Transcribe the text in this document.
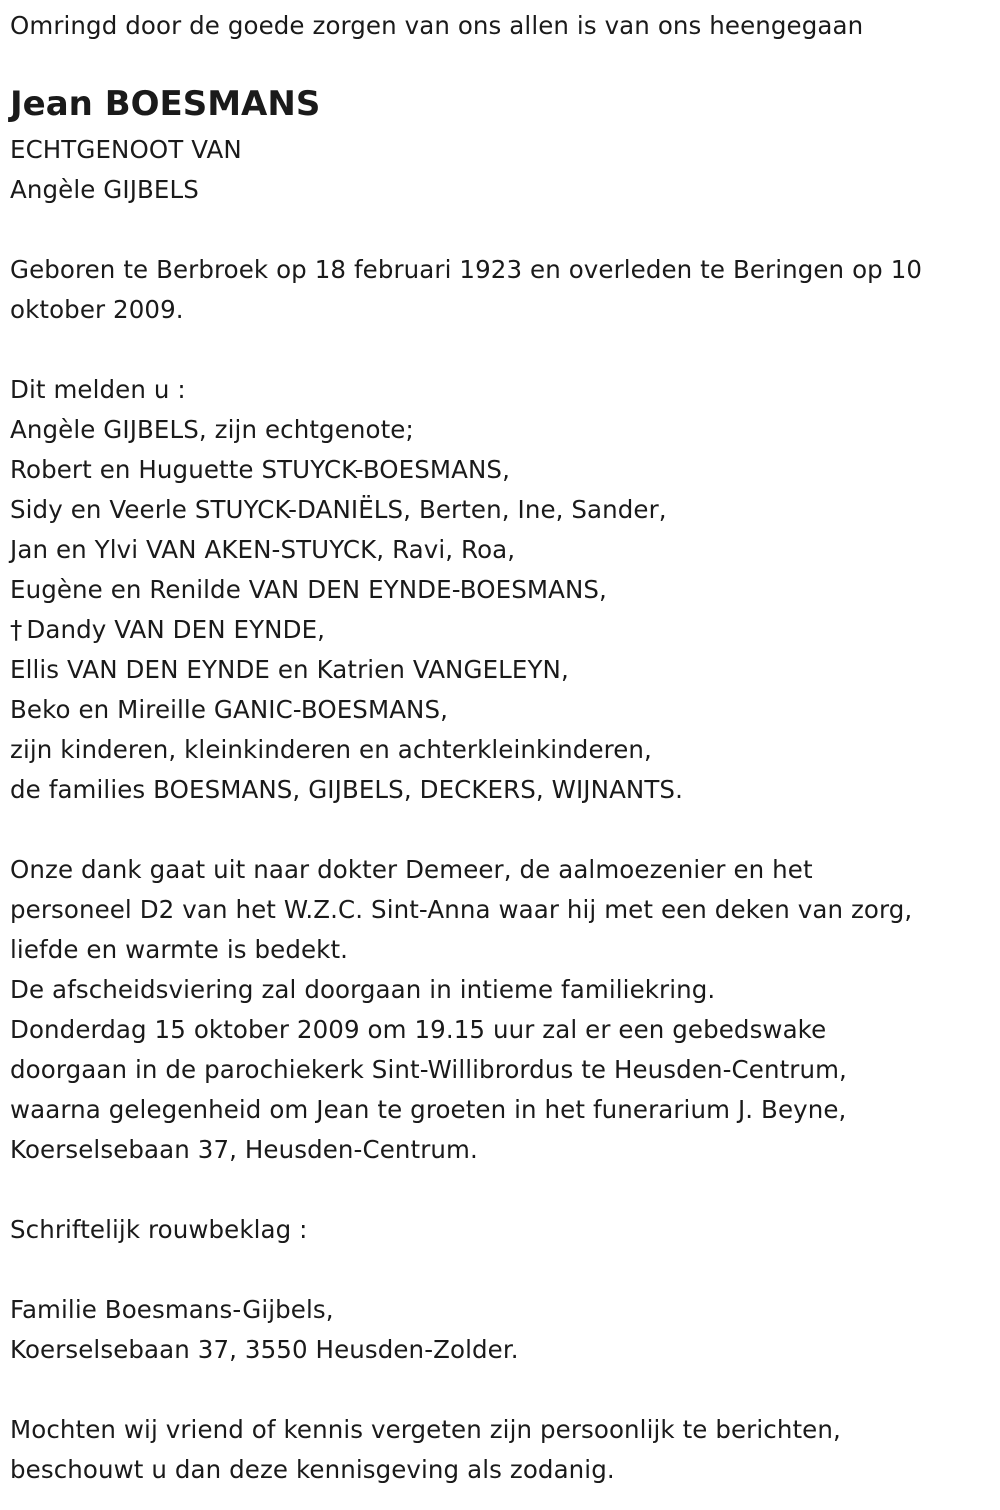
Omringd door de goede zorgen van ons allen is van ons heengegaan
Jean BOESMANS
ECHTGENOOT VAN
Angèle GIJBELS
Geboren te Berbroek op 18 februari 1923 en overleden te Beringen op 10
oktober 2009.
Dit melden u :
Angèle GIJBELS, zijn echtgenote;
Robert en Huguette STUYCK-BOESMANS,
Sidy en Veerle STUYCK-DANIËLS, Berten, Ine, Sander,
Jan en Ylvi VAN AKEN-STUYCK, Ravi, Roa,
Eugène en Renilde VAN DEN EYNDE-BOESMANS,
† Dandy VAN DEN EYNDE,
Ellis VAN DEN EYNDE en Katrien VANGELEYN,
Beko en Mireille GANIC-BOESMANS,
zijn kinderen, kleinkinderen en achterkleinkinderen,
de families BOESMANS, GIJBELS, DECKERS, WIJNANTS.
Onze dank gaat uit naar dokter Demeer, de aalmoezenier en het
personeel D2 van het W.Z.C. Sint-Anna waar hij met een deken van zorg,
liefde en warmte is bedekt.
De afscheidsviering zal doorgaan in intieme familiekring.
Donderdag 15 oktober 2009 om 19.15 uur zal er een gebedswake
doorgaan in de parochiekerk Sint-Willibrordus te Heusden-Centrum,
waarna gelegenheid om Jean te groeten in het funerarium J. Beyne,
Koerselsebaan 37, Heusden-Centrum.
Schriftelijk rouwbeklag :
Familie Boesmans-Gijbels,
Koerselsebaan 37, 3550 Heusden-Zolder.
Mochten wij vriend of kennis vergeten zijn persoonlijk te berichten,
beschouwt u dan deze kennisgeving als zodanig.
